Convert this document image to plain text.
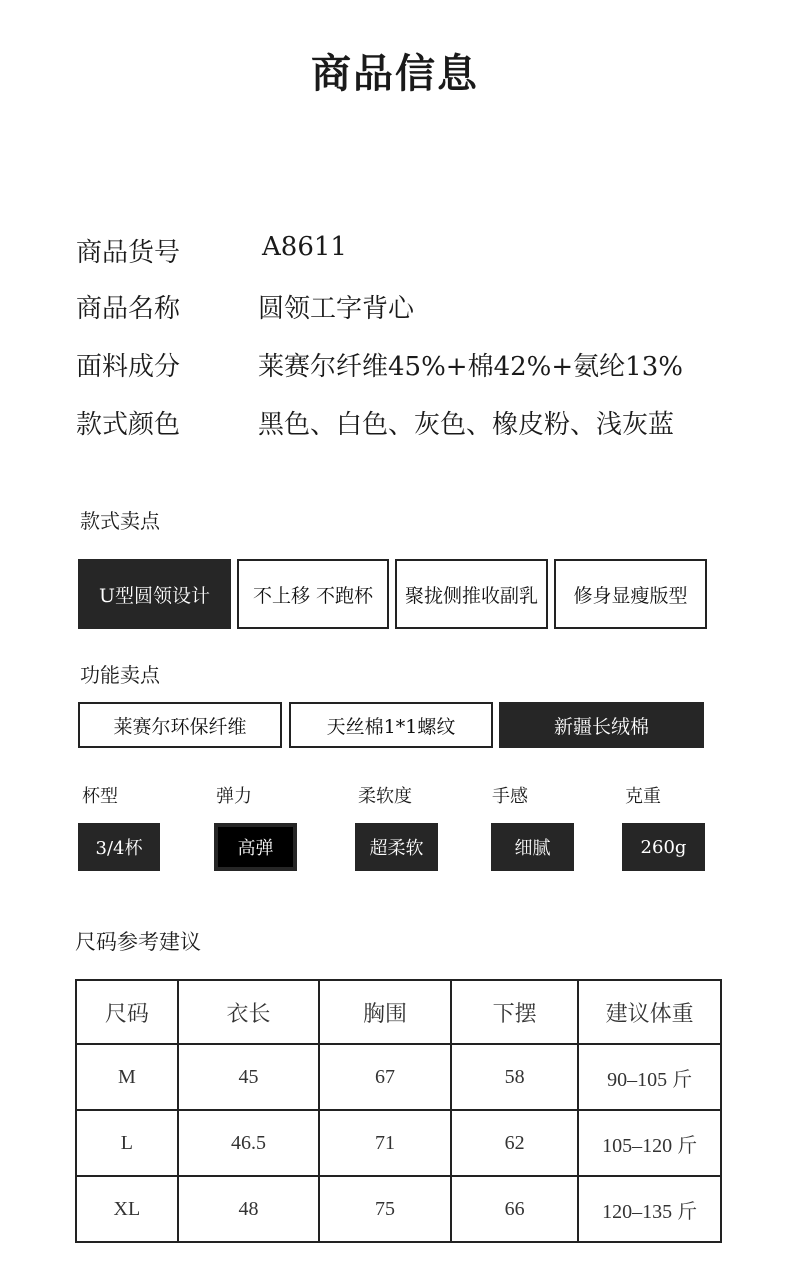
商品信息
商品货号	A8611
商品名称	圆领工字背心
面料成分	莱赛尔纤维45%+棉42%+氨纶13%
款式颜色	黑色、白色、灰色、橡皮粉、浅灰蓝
款式卖点
U型圆领设计	不上移 不跑杯	聚拢侧推收副乳	修身显瘦版型
功能卖点
莱赛尔环保纤维	天丝棉1*1螺纹	新疆长绒棉
杯型	弹力	柔软度	手感	克重
3/4杯	高弹	超柔软	细腻	260g
尺码参考建议
尺码	衣长	胸围	下摆	建议体重
M	45	67	58	90–105 斤
L	46.5	71	62	105–120 斤
XL	48	75	66	120–135 斤
